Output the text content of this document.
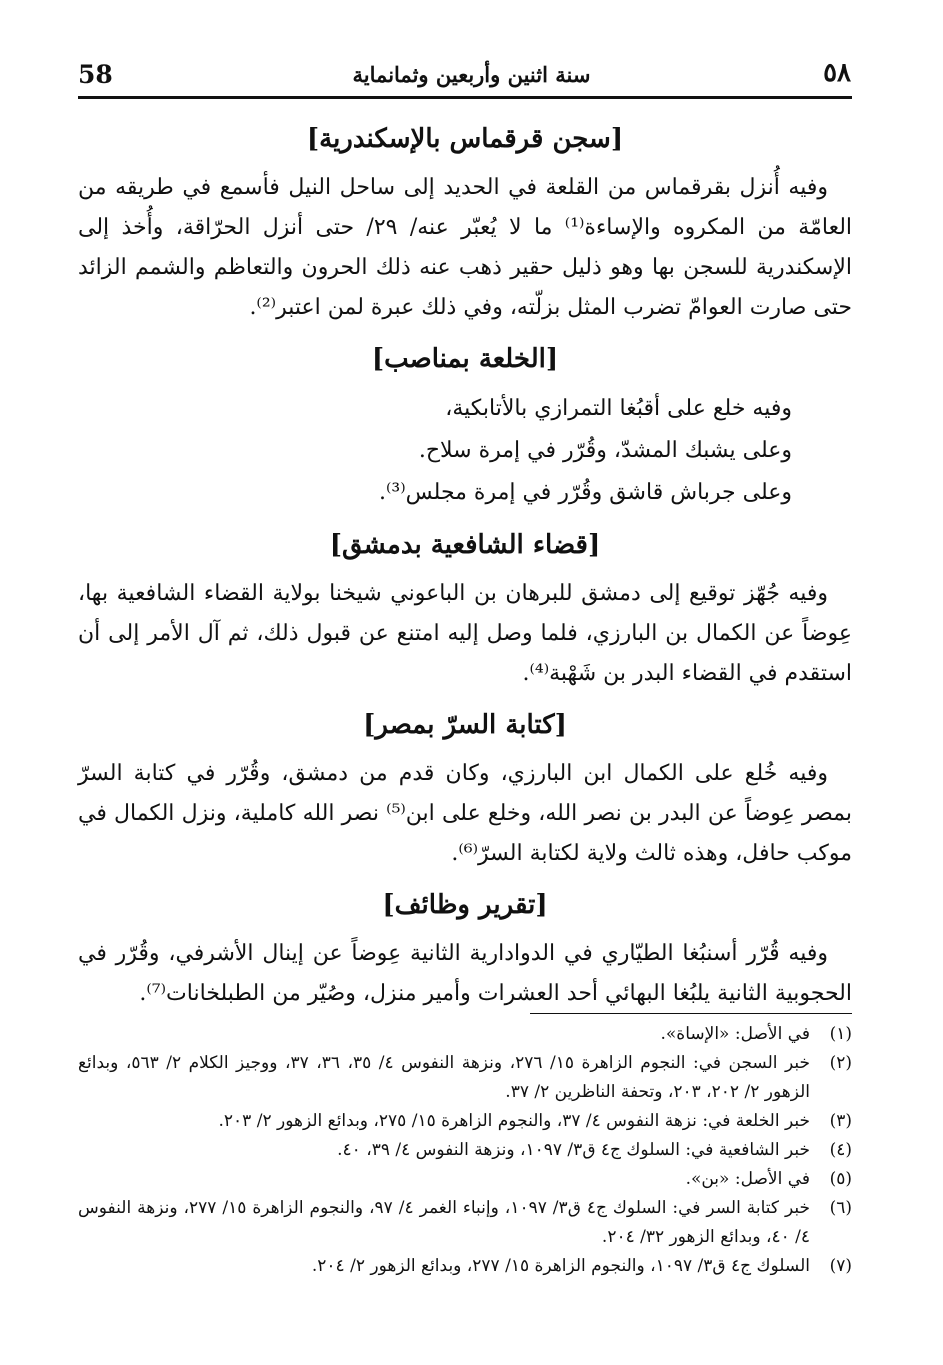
58	سنة اثنين وأربعين وثمانماية	٥٨
[سجن قرقماس بالإسكندرية]

وفيه أُنزل بقرقماس من القلعة في الحديد إلى ساحل النيل فأسمع في طريقه من العامّة من المكروه والإساءة⁽¹⁾ ما لا يُعبّر عنه/ ٢٩/ حتى أنزل الحرّاقة، وأُخذ إلى الإسكندرية للسجن بها وهو ذليل حقير ذهب عنه ذلك الحرون والتعاظم والشمم الزائد حتى صارت العوامّ تضرب المثل بزلّته، وفي ذلك عبرة لمن اعتبر⁽²⁾.

[الخلعة بمناصب]

وفيه خلع على أقبُغا التمرازي بالأتابكية،

وعلى يشبك المشدّ، وقُرّر في إمرة سلاح.

وعلى جرباش قاشق وقُرّر في إمرة مجلس⁽³⁾.

[قضاء الشافعية بدمشق]

وفيه جُهّز توقيع إلى دمشق للبرهان بن الباعوني شيخنا بولاية القضاء الشافعية بها، عِوضاً عن الكمال بن البارزي، فلما وصل إليه امتنع عن قبول ذلك، ثم آل الأمر إلى أن استقدم في القضاء البدر بن شَهْبة⁽⁴⁾.

[كتابة السرّ بمصر]

وفيه خُلع على الكمال ابن البارزي، وكان قدم من دمشق، وقُرّر في كتابة السرّ بمصر عِوضاً عن البدر بن نصر الله، وخلع على ابن⁽⁵⁾ نصر الله كاملية، ونزل الكمال في موكب حافل، وهذه ثالث ولاية لكتابة السرّ⁽⁶⁾.

[تقرير وظائف]

وفيه قُرّر أسنبُغا الطيّاري في الدوادارية الثانية عِوضاً عن إينال الأشرفي، وقُرّر في الحجوبية الثانية يلبُغا البهائي أحد العشرات وأمير منزل، وصُيّر من الطبلخانات⁽⁷⁾.

(١)
في الأصل: «الإساة».

(٢)
خبر السجن في: النجوم الزاهرة ١٥/ ٢٧٦، ونزهة النفوس ٤/ ٣٥، ٣٦، ٣٧، ووجيز الكلام ٢/ ٥٦٣، وبدائع الزهور ٢/ ٢٠٢، ٢٠٣، وتحفة الناظرين ٢/ ٣٧.

(٣)
خبر الخلعة في: نزهة النفوس ٤/ ٣٧، والنجوم الزاهرة ١٥/ ٢٧٥، وبدائع الزهور ٢/ ٢٠٣.

(٤)
خبر الشافعية في: السلوك ج٤ ق٣/ ١٠٩٧، ونزهة النفوس ٤/ ٣٩، ٤٠.

(٥)
في الأصل: «بن».

(٦)
خبر كتابة السر في: السلوك ج٤ ق٣/ ١٠٩٧، وإنباء الغمر ٤/ ٩٧، والنجوم الزاهرة ١٥/ ٢٧٧، ونزهة النفوس ٤/ ٤٠، وبدائع الزهور ٣٢/ ٢٠٤.

(٧)
السلوك ج٤ ق٣/ ١٠٩٧، والنجوم الزاهرة ١٥/ ٢٧٧، وبدائع الزهور ٢/ ٢٠٤.
